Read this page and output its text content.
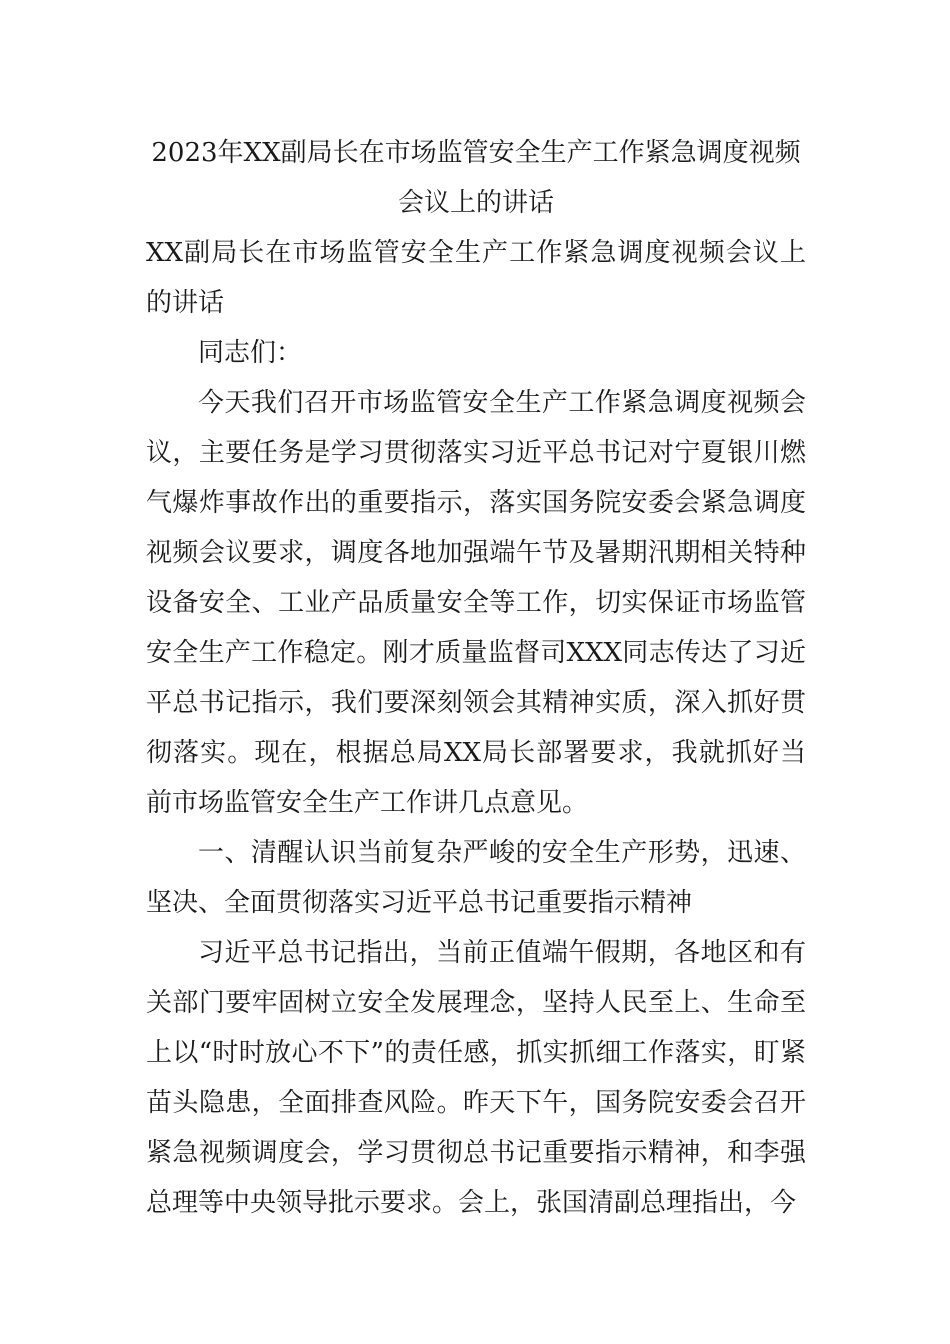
2023年XX副局长在市场监管安全生产工作紧急调度视频会议上的讲话

XX副局长在市场监管安全生产工作紧急调度视频会议上的讲话

同志们：

今天我们召开市场监管安全生产工作紧急调度视频会议，主要任务是学习贯彻落实习近平总书记对宁夏银川燃气爆炸事故作出的重要指示，落实国务院安委会紧急调度视频会议要求，调度各地加强端午节及暑期汛期相关特种设备安全、工业产品质量安全等工作，切实保证市场监管安全生产工作稳定。刚才质量监督司XXX同志传达了习近平总书记指示，我们要深刻领会其精神实质，深入抓好贯彻落实。现在，根据总局XX局长部署要求，我就抓好当前市场监管安全生产工作讲几点意见。

一、清醒认识当前复杂严峻的安全生产形势，迅速、坚决、全面贯彻落实习近平总书记重要指示精神

习近平总书记指出，当前正值端午假期，各地区和有关部门要牢固树立安全发展理念，坚持人民至上、生命至上以“时时放心不下”的责任感，抓实抓细工作落实，盯紧苗头隐患，全面排查风险。昨天下午，国务院安委会召开紧急视频调度会，学习贯彻总书记重要指示精神，和李强总理等中央领导批示要求。会上，张国清副总理指出，今
